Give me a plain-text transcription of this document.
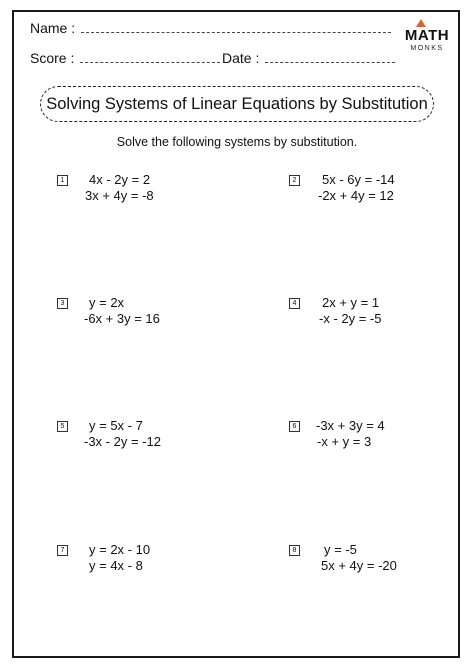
Name :
Score :	Date :
MATH
MONKS
Solving Systems of Linear Equations by Substitution
Solve the following systems by substitution.
1 4x - 2y = 2
3x + 4y = -8
2 5x - 6y = -14
-2x + 4y = 12
3 y = 2x
-6x + 3y = 16
4 2x + y = 1
-x - 2y = -5
5 y = 5x - 7
-3x - 2y = -12
6 -3x + 3y = 4
-x + y = 3
7 y = 2x - 10
y = 4x - 8
8 y = -5
5x + 4y = -20
